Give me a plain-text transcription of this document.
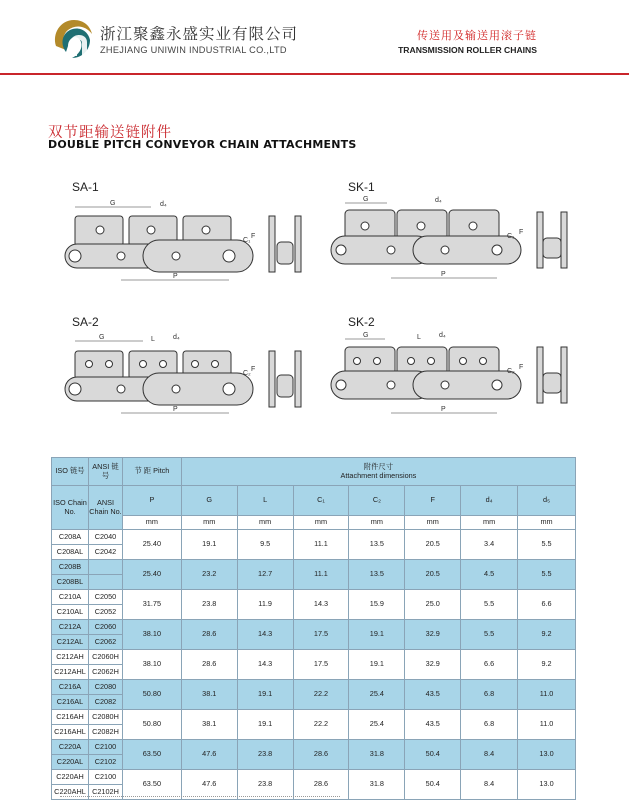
浙江聚鑫永盛实业有限公司
ZHEJIANG UNIWIN INDUSTRIAL CO.,LTD
传送用及输送用滚子链
TRANSMISSION ROLLER CHAINS
双节距输送链附件
DOUBLE PITCH CONVEYOR CHAIN ATTACHMENTS
SA-1
G	d₄
P
C₁
F
SK-1
G	d₄
P
C₁
F
SA-2
G	L	d₄
P
C₂
F
SK-2
G	L	d₄
P
C₂
F
ISO 链号	ANSI 链号	节 距 Pitch	附件尺寸
Attachment dimensions						

ISO Chain No.	ANSI Chain No.	P	G	L	C₁	C₂	F	d₄	d₅
		mm	mm	mm	mm	mm	mm	mm	mm
C208A	C2040	25.40	19.1	9.5	11.1	13.5	20.5	3.4	5.5
C208AL	C2042								
C208B		25.40	23.2	12.7	11.1	13.5	20.5	4.5	5.5
C208BL									
C210A	C2050	31.75	23.8	11.9	14.3	15.9	25.0	5.5	6.6
C210AL	C2052								
C212A	C2060	38.10	28.6	14.3	17.5	19.1	32.9	5.5	9.2
C212AL	C2062								
C212AH	C2060H	38.10	28.6	14.3	17.5	19.1	32.9	6.6	9.2
C212AHL	C2062H								
C216A	C2080	50.80	38.1	19.1	22.2	25.4	43.5	6.8	11.0
C216AL	C2082								
C216AH	C2080H	50.80	38.1	19.1	22.2	25.4	43.5	6.8	11.0
C216AHL	C2082H								
C220A	C2100	63.50	47.6	23.8	28.6	31.8	50.4	8.4	13.0
C220AL	C2102								
C220AH	C2100	63.50	47.6	23.8	28.6	31.8	50.4	8.4	13.0
C220AHL	C2102H								
